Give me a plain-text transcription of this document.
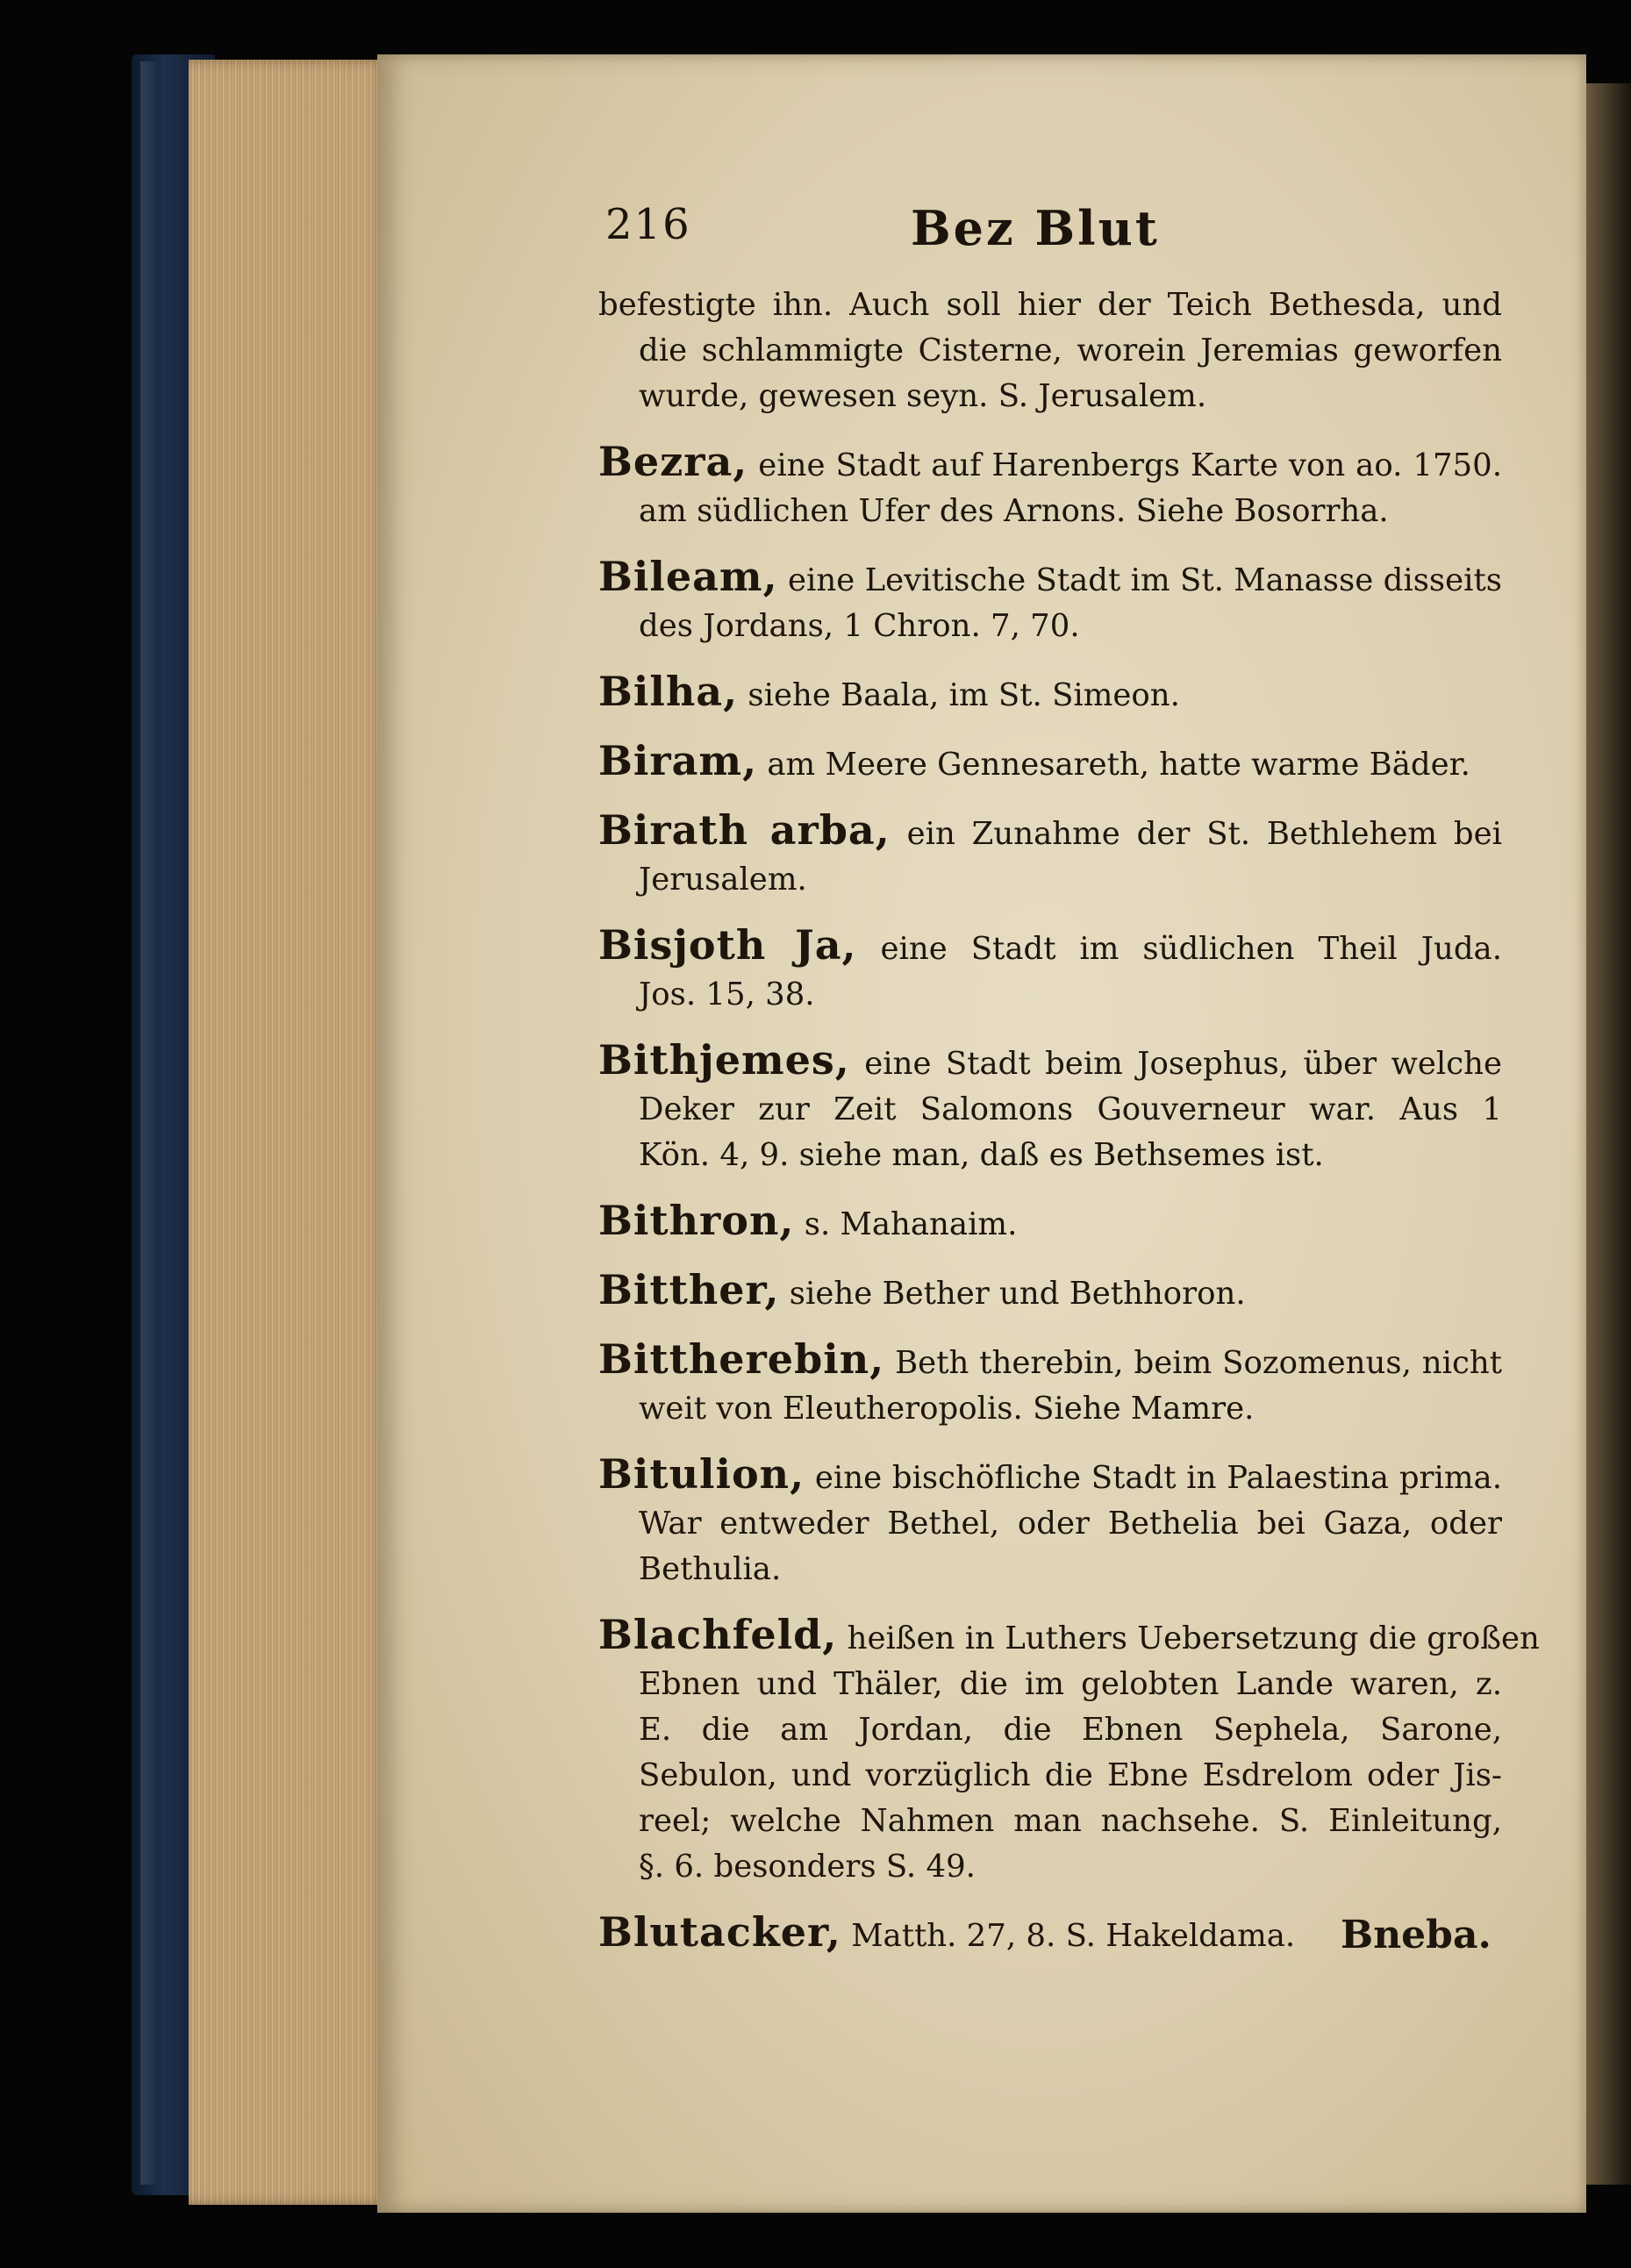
216	Bez Blut
befestigte ihn. Auch soll hier der Teich Bethesda, und
die schlammigte Cisterne, worein Jeremias geworfen
wurde, gewesen seyn. S. Jerusalem.
Bezra, eine Stadt auf Harenbergs Karte von ao. 1750.
am südlichen Ufer des Arnons. Siehe Bosorrha.
Bileam, eine Levitische Stadt im St. Manasse disseits
des Jordans, 1 Chron. 7, 70.
Bilha, siehe Baala, im St. Simeon.
Biram, am Meere Gennesareth, hatte warme Bäder.
Birath arba, ein Zunahme der St. Bethlehem bei
Jerusalem.
Bisjoth Ja, eine Stadt im südlichen Theil Juda.
Jos. 15, 38.
Bithjemes, eine Stadt beim Josephus, über welche
Deker zur Zeit Salomons Gouverneur war. Aus 1
Kön. 4, 9. siehe man, daß es Bethsemes ist.
Bithron, s. Mahanaim.
Bitther, siehe Bether und Bethhoron.
Bittherebin, Beth therebin, beim Sozomenus, nicht
weit von Eleutheropolis. Siehe Mamre.
Bitulion, eine bischöfliche Stadt in Palaestina prima.
War entweder Bethel, oder Bethelia bei Gaza, oder
Bethulia.
Blachfeld, heißen in Luthers Uebersetzung die großen
Ebnen und Thäler, die im gelobten Lande waren, z.
E. die am Jordan, die Ebnen Sephela, Sarone,
Sebulon, und vorzüglich die Ebne Esdrelom oder Jis-
reel; welche Nahmen man nachsehe. S. Einleitung,
§. 6. besonders S. 49.
Blutacker, Matth. 27, 8. S. Hakeldama.	Bneba.
